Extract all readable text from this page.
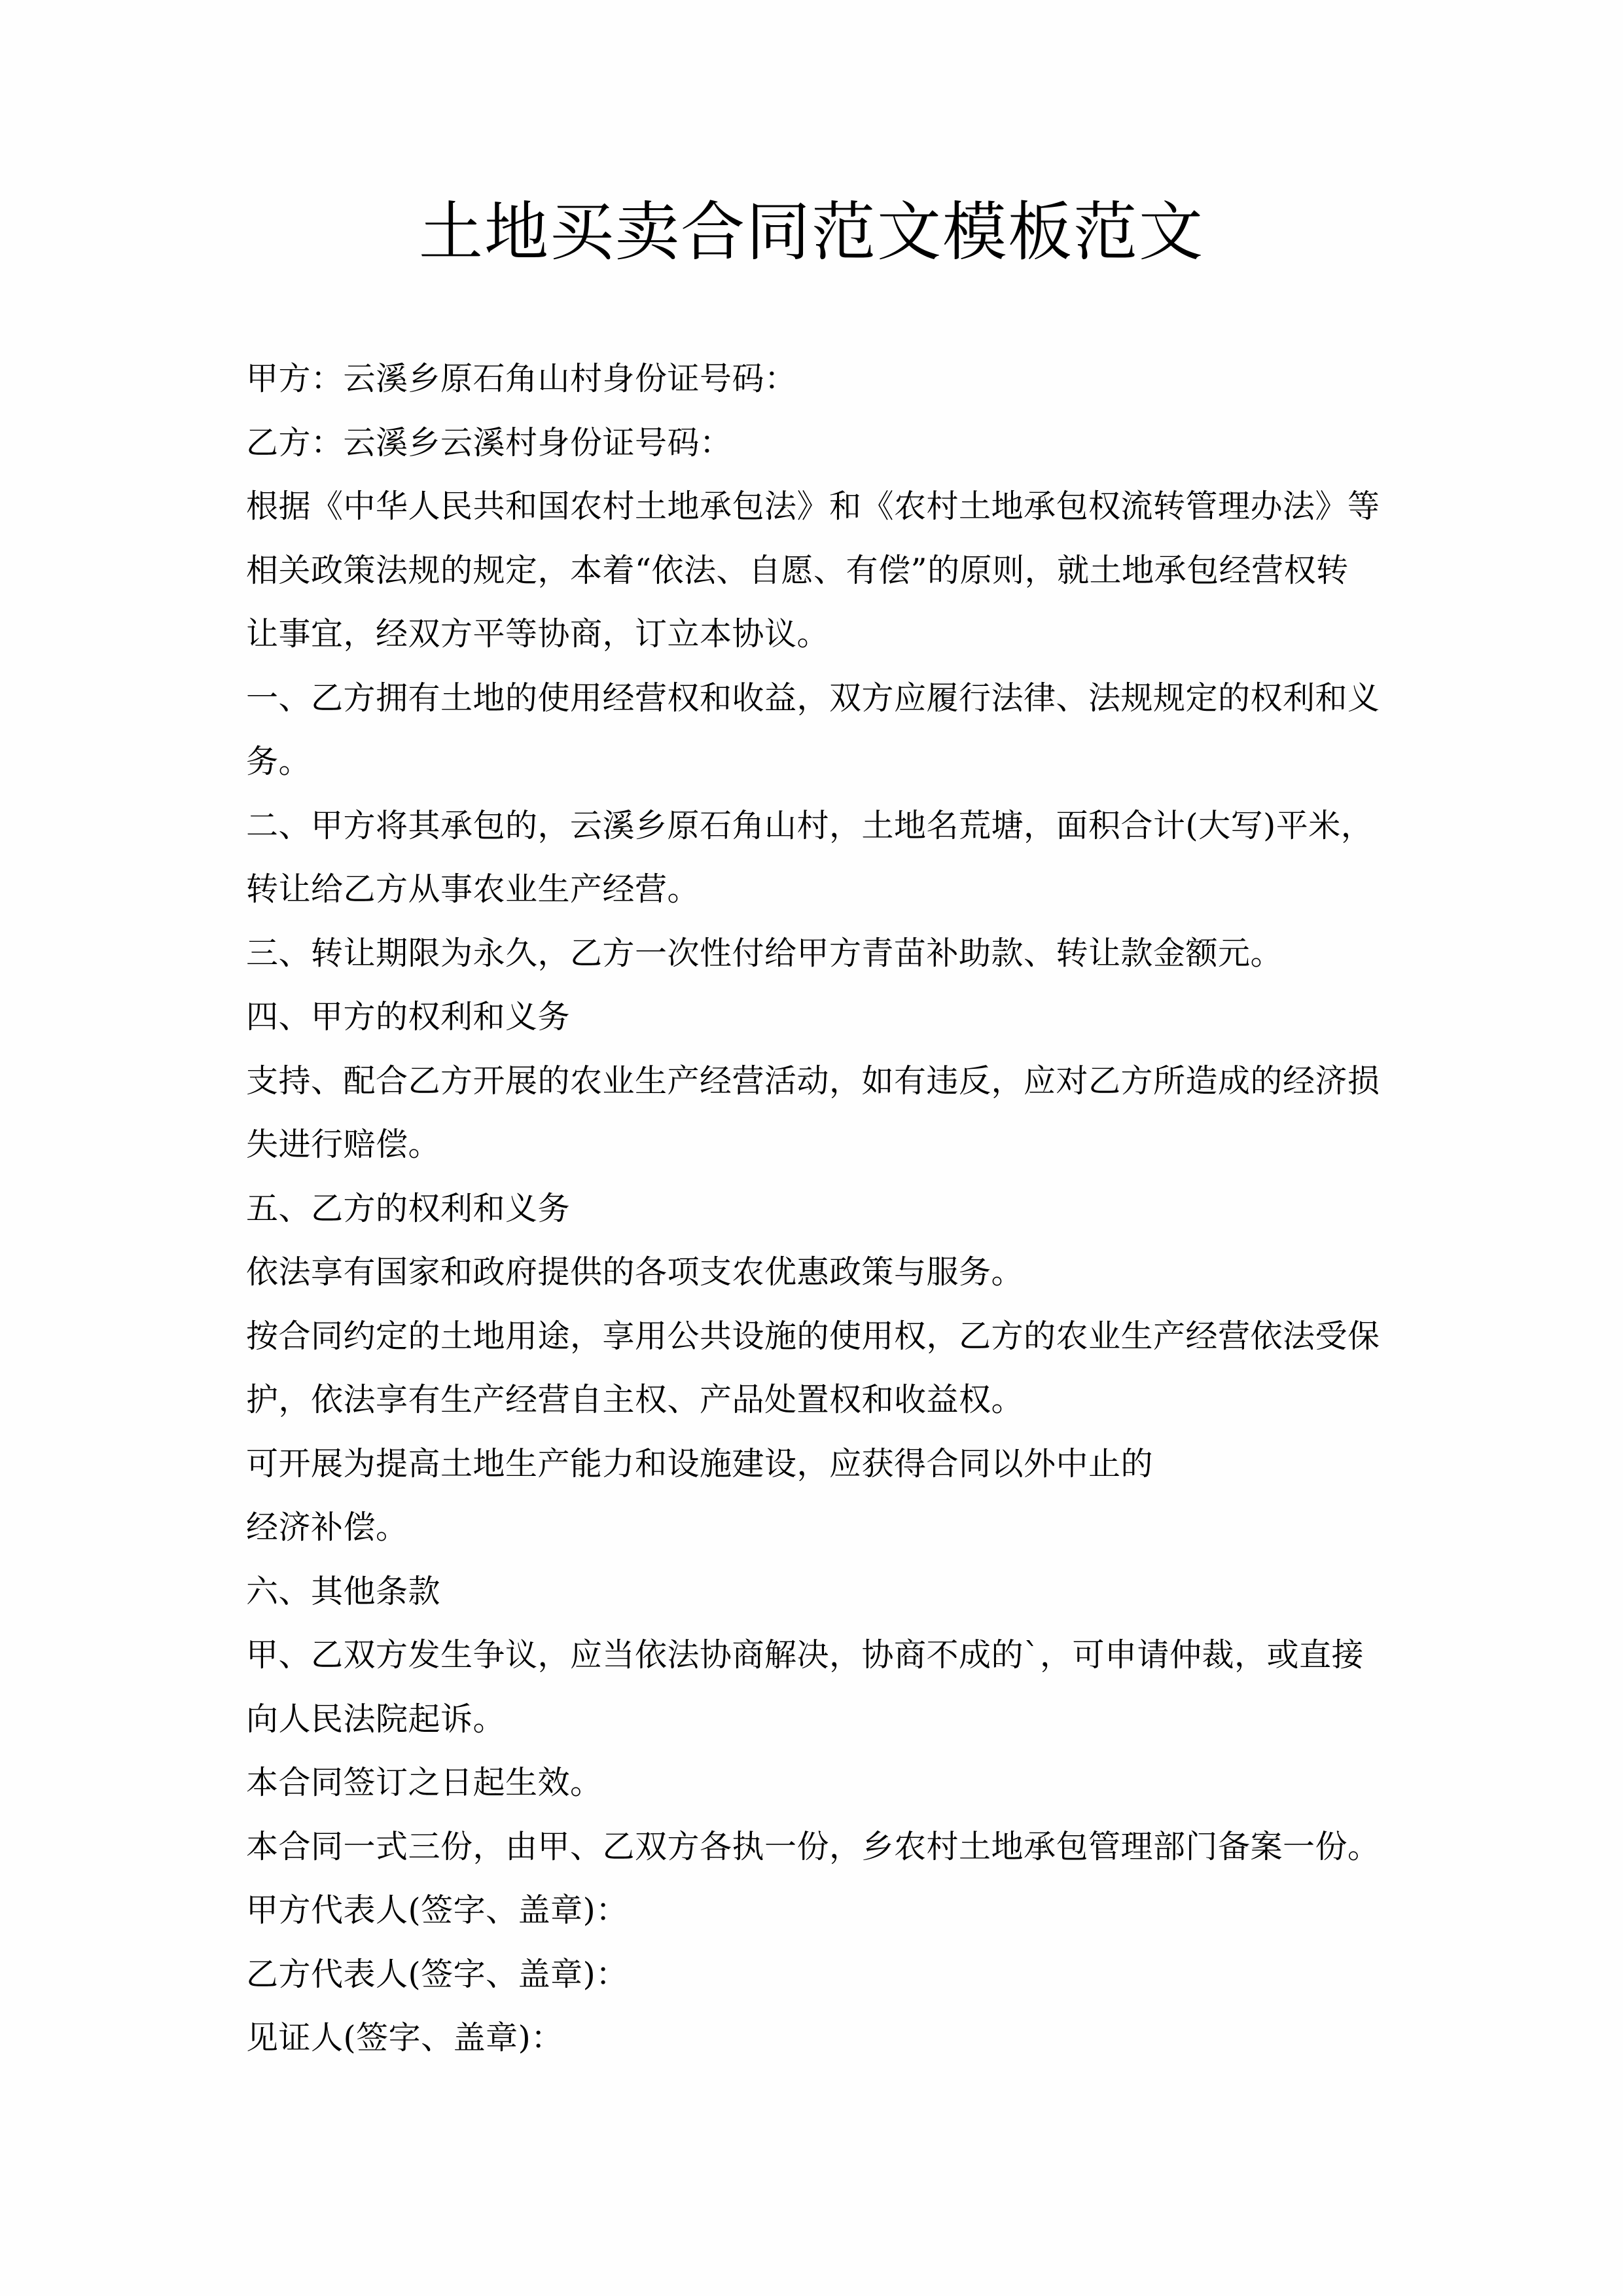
土地买卖合同范文模板范文
甲方：云溪乡原石角山村身份证号码：
乙方：云溪乡云溪村身份证号码：
根据《中华人民共和国农村土地承包法》和《农村土地承包权流转管理办法》等
相关政策法规的规定，本着“依法、自愿、有偿”的原则，就土地承包经营权转
让事宜，经双方平等协商，订立本协议。
一、乙方拥有土地的使用经营权和收益，双方应履行法律、法规规定的权利和义
务。
二、甲方将其承包的，云溪乡原石角山村，土地名荒塘，面积合计(大写)平米，
转让给乙方从事农业生产经营。
三、转让期限为永久，乙方一次性付给甲方青苗补助款、转让款金额元。
四、甲方的权利和义务
支持、配合乙方开展的农业生产经营活动，如有违反，应对乙方所造成的经济损
失进行赔偿。
五、乙方的权利和义务
依法享有国家和政府提供的各项支农优惠政策与服务。
按合同约定的土地用途，享用公共设施的使用权，乙方的农业生产经营依法受保
护，依法享有生产经营自主权、产品处置权和收益权。
可开展为提高土地生产能力和设施建设，应获得合同以外中止的
经济补偿。
六、其他条款
甲、乙双方发生争议，应当依法协商解决，协商不成的`，可申请仲裁，或直接
向人民法院起诉。
本合同签订之日起生效。
本合同一式三份，由甲、乙双方各执一份，乡农村土地承包管理部门备案一份。
甲方代表人(签字、盖章)：
乙方代表人(签字、盖章)：
见证人(签字、盖章)：
